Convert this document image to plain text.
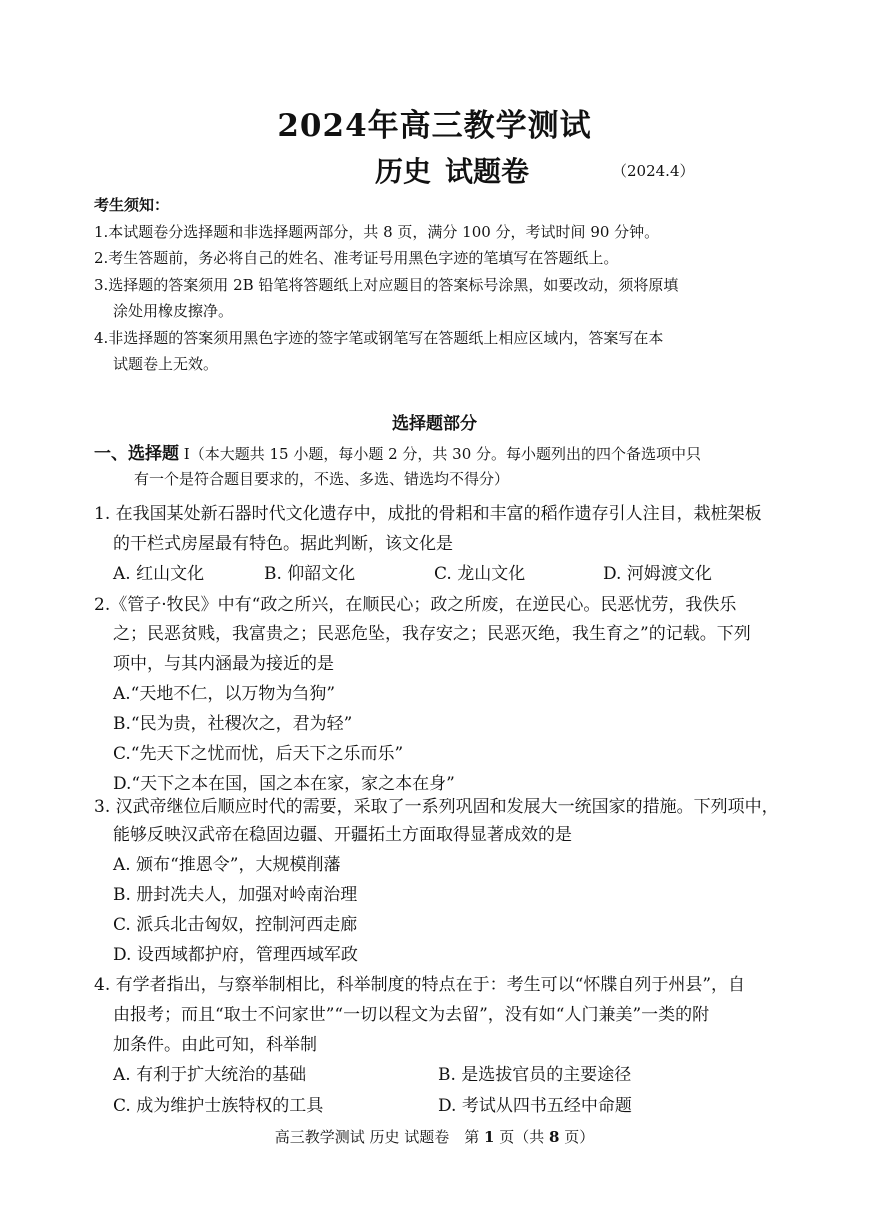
2024年高三教学测试
历史 试题卷	（2024.4）
考生须知：
1.本试题卷分选择题和非选择题两部分，共 8 页，满分 100 分，考试时间 90 分钟。
2.考生答题前，务必将自己的姓名、准考证号用黑色字迹的笔填写在答题纸上。
3.选择题的答案须用 2B 铅笔将答题纸上对应题目的答案标号涂黑，如要改动，须将原填
涂处用橡皮擦净。
4.非选择题的答案须用黑色字迹的签字笔或钢笔写在答题纸上相应区域内，答案写在本
试题卷上无效。
选择题部分
一、选择题 Ⅰ（本大题共 15 小题，每小题 2 分，共 30 分。每小题列出的四个备选项中只
有一个是符合题目要求的，不选、多选、错选均不得分）
1. 在我国某处新石器时代文化遗存中，成批的骨耜和丰富的稻作遗存引人注目，栽桩架板
的干栏式房屋最有特色。据此判断，该文化是
A. 红山文化	B. 仰韶文化	C. 龙山文化	D. 河姆渡文化
2.《管子·牧民》中有“政之所兴，在顺民心；政之所废，在逆民心。民恶忧劳，我佚乐
之；民恶贫贱，我富贵之；民恶危坠，我存安之；民恶灭绝，我生育之”的记载。下列
项中，与其内涵最为接近的是
A.“天地不仁，以万物为刍狗”
B.“民为贵，社稷次之，君为轻”
C.“先天下之忧而忧，后天下之乐而乐”
D.“天下之本在国，国之本在家，家之本在身”
3. 汉武帝继位后顺应时代的需要，采取了一系列巩固和发展大一统国家的措施。下列项中，
能够反映汉武帝在稳固边疆、开疆拓土方面取得显著成效的是
A. 颁布“推恩令”，大规模削藩
B. 册封冼夫人，加强对岭南治理
C. 派兵北击匈奴，控制河西走廊
D. 设西域都护府，管理西域军政
4. 有学者指出，与察举制相比，科举制度的特点在于：考生可以“怀牒自列于州县”，自
由报考；而且“取士不问家世”“一切以程文为去留”，没有如“人门兼美”一类的附
加条件。由此可知，科举制
A. 有利于扩大统治的基础	B. 是选拔官员的主要途径
C. 成为维护士族特权的工具	D. 考试从四书五经中命题
高三教学测试 历史 试题卷　第 1 页（共 8 页）
